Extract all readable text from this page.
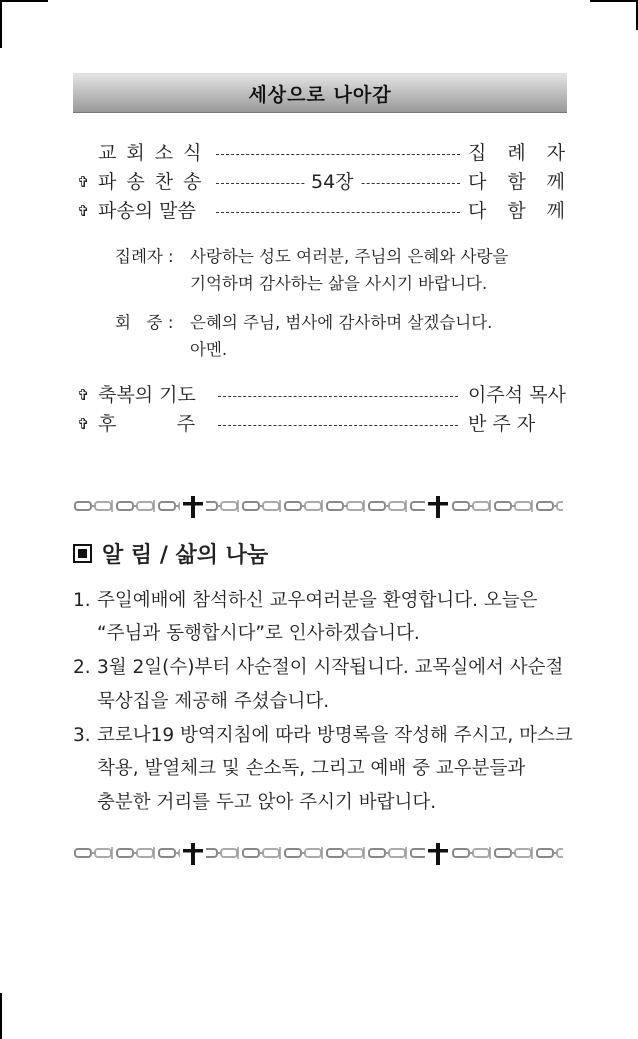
세상으로 나아감
교 회 소 식	집 례 자
✞ 파 송 찬 송	54장	다 함 께
✞ 파송의 말씀	다 함 께
집례자 : 사랑하는 성도 여러분, 주님의 은혜와 사랑을
기억하며 감사하는 삶을 사시기 바랍니다.
회   중 : 은혜의 주님, 범사에 감사하며 살겠습니다.
아멘.
✞ 축복의 기도	이주석 목사
✞ 후          주	반 주 자
알 림 / 삶의 나눔
1. 주일예배에 참석하신 교우여러분을 환영합니다. 오늘은
“주님과 동행합시다”로 인사하겠습니다.
2. 3월 2일(수)부터 사순절이 시작됩니다. 교목실에서 사순절
묵상집을 제공해 주셨습니다.
3. 코로나19 방역지침에 따라 방명록을 작성해 주시고, 마스크
착용, 발열체크 및 손소독, 그리고 예배 중 교우분들과
충분한 거리를 두고 앉아 주시기 바랍니다.
